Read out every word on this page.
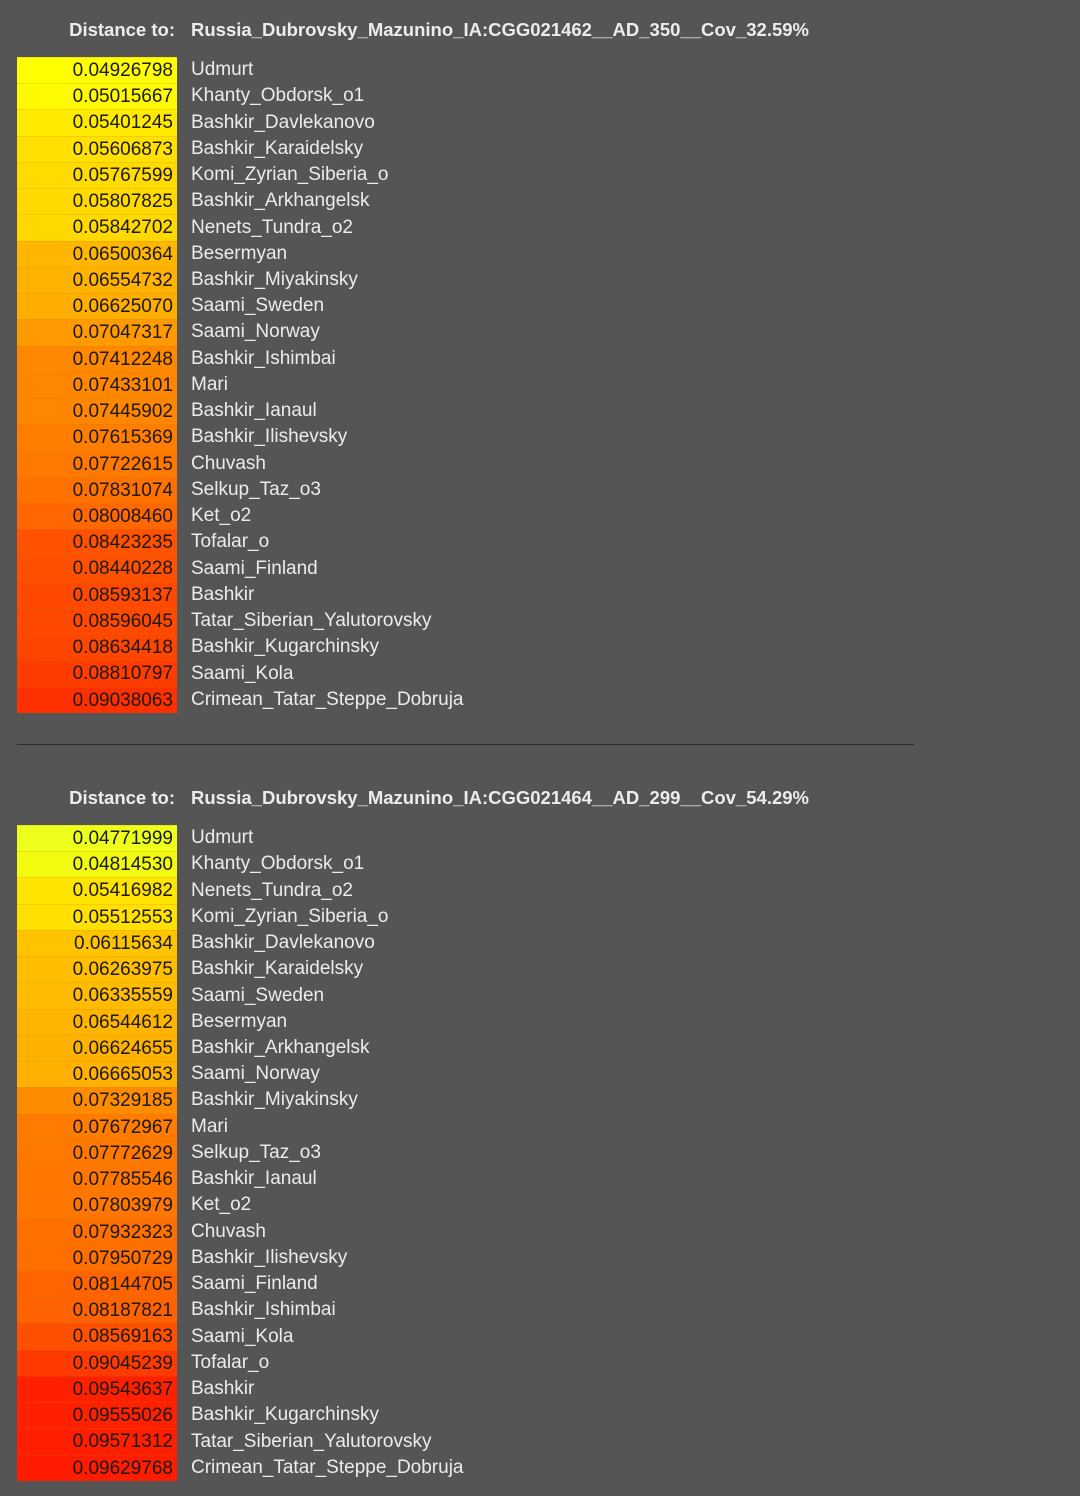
Distance to: Russia_Dubrovsky_Mazunino_IA:CGG021462__AD_350__Cov_32.59%
0.04926798 Udmurt
0.05015667 Khanty_Obdorsk_o1
0.05401245 Bashkir_Davlekanovo
0.05606873 Bashkir_Karaidelsky
0.05767599 Komi_Zyrian_Siberia_o
0.05807825 Bashkir_Arkhangelsk
0.05842702 Nenets_Tundra_o2
0.06500364 Besermyan
0.06554732 Bashkir_Miyakinsky
0.06625070 Saami_Sweden
0.07047317 Saami_Norway
0.07412248 Bashkir_Ishimbai
0.07433101 Mari
0.07445902 Bashkir_Ianaul
0.07615369 Bashkir_Ilishevsky
0.07722615 Chuvash
0.07831074 Selkup_Taz_o3
0.08008460 Ket_o2
0.08423235 Tofalar_o
0.08440228 Saami_Finland
0.08593137 Bashkir
0.08596045 Tatar_Siberian_Yalutorovsky
0.08634418 Bashkir_Kugarchinsky
0.08810797 Saami_Kola
0.09038063 Crimean_Tatar_Steppe_Dobruja
Distance to: Russia_Dubrovsky_Mazunino_IA:CGG021464__AD_299__Cov_54.29%
0.04771999 Udmurt
0.04814530 Khanty_Obdorsk_o1
0.05416982 Nenets_Tundra_o2
0.05512553 Komi_Zyrian_Siberia_o
0.06115634 Bashkir_Davlekanovo
0.06263975 Bashkir_Karaidelsky
0.06335559 Saami_Sweden
0.06544612 Besermyan
0.06624655 Bashkir_Arkhangelsk
0.06665053 Saami_Norway
0.07329185 Bashkir_Miyakinsky
0.07672967 Mari
0.07772629 Selkup_Taz_o3
0.07785546 Bashkir_Ianaul
0.07803979 Ket_o2
0.07932323 Chuvash
0.07950729 Bashkir_Ilishevsky
0.08144705 Saami_Finland
0.08187821 Bashkir_Ishimbai
0.08569163 Saami_Kola
0.09045239 Tofalar_o
0.09543637 Bashkir
0.09555026 Bashkir_Kugarchinsky
0.09571312 Tatar_Siberian_Yalutorovsky
0.09629768 Crimean_Tatar_Steppe_Dobruja
